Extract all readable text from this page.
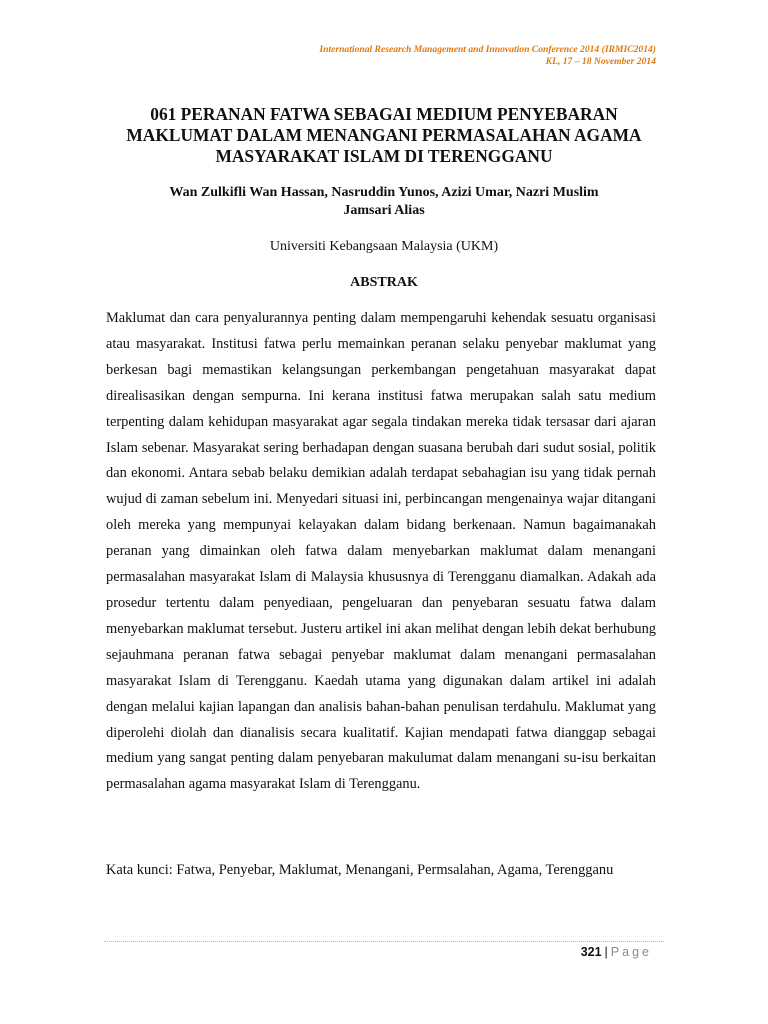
International Research Management and Innovation Conference 2014 (IRMIC2014)
KL, 17 – 18 November 2014
061 PERANAN FATWA SEBAGAI MEDIUM PENYEBARAN MAKLUMAT DALAM MENANGANI PERMASALAHAN AGAMA MASYARAKAT ISLAM DI TERENGGANU
Wan Zulkifli Wan Hassan, Nasruddin Yunos, Azizi Umar, Nazri Muslim
Jamsari Alias
Universiti Kebangsaan Malaysia (UKM)
ABSTRAK

Maklumat dan cara penyalurannya penting dalam mempengaruhi kehendak sesuatu organisasi atau masyarakat. Institusi fatwa perlu memainkan peranan selaku penyebar maklumat yang berkesan bagi memastikan kelangsungan perkembangan pengetahuan masyarakat dapat direalisasikan dengan sempurna. Ini kerana institusi fatwa merupakan salah satu medium terpenting dalam kehidupan masyarakat agar segala tindakan mereka tidak tersasar dari ajaran Islam sebenar. Masyarakat sering berhadapan dengan suasana berubah dari sudut sosial, politik dan ekonomi. Antara sebab belaku demikian adalah terdapat sebahagian isu yang tidak pernah wujud di zaman sebelum ini. Menyedari situasi ini, perbincangan mengenainya wajar ditangani oleh mereka yang mempunyai kelayakan dalam bidang berkenaan. Namun bagaimanakah peranan yang dimainkan oleh fatwa dalam menyebarkan maklumat dalam menangani permasalahan masyarakat Islam di Malaysia khususnya di Terengganu diamalkan. Adakah ada prosedur tertentu dalam penyediaan, pengeluaran dan penyebaran sesuatu fatwa dalam menyebarkan maklumat tersebut. Justeru artikel ini akan melihat dengan lebih dekat berhubung sejauhmana peranan fatwa sebagai penyebar maklumat dalam menangani permasalahan masyarakat Islam di Terengganu. Kaedah utama yang digunakan dalam artikel ini adalah dengan melalui kajian lapangan dan analisis bahan-bahan penulisan terdahulu. Maklumat yang diperolehi diolah dan dianalisis secara kualitatif. Kajian mendapati fatwa dianggap sebagai medium yang sangat penting dalam penyebaran makulumat dalam menangani su-isu berkaitan permasalahan agama masyarakat Islam di Terengganu.

Kata kunci: Fatwa, Penyebar, Maklumat, Menangani, Permsalahan, Agama, Terengganu

321 | Page
